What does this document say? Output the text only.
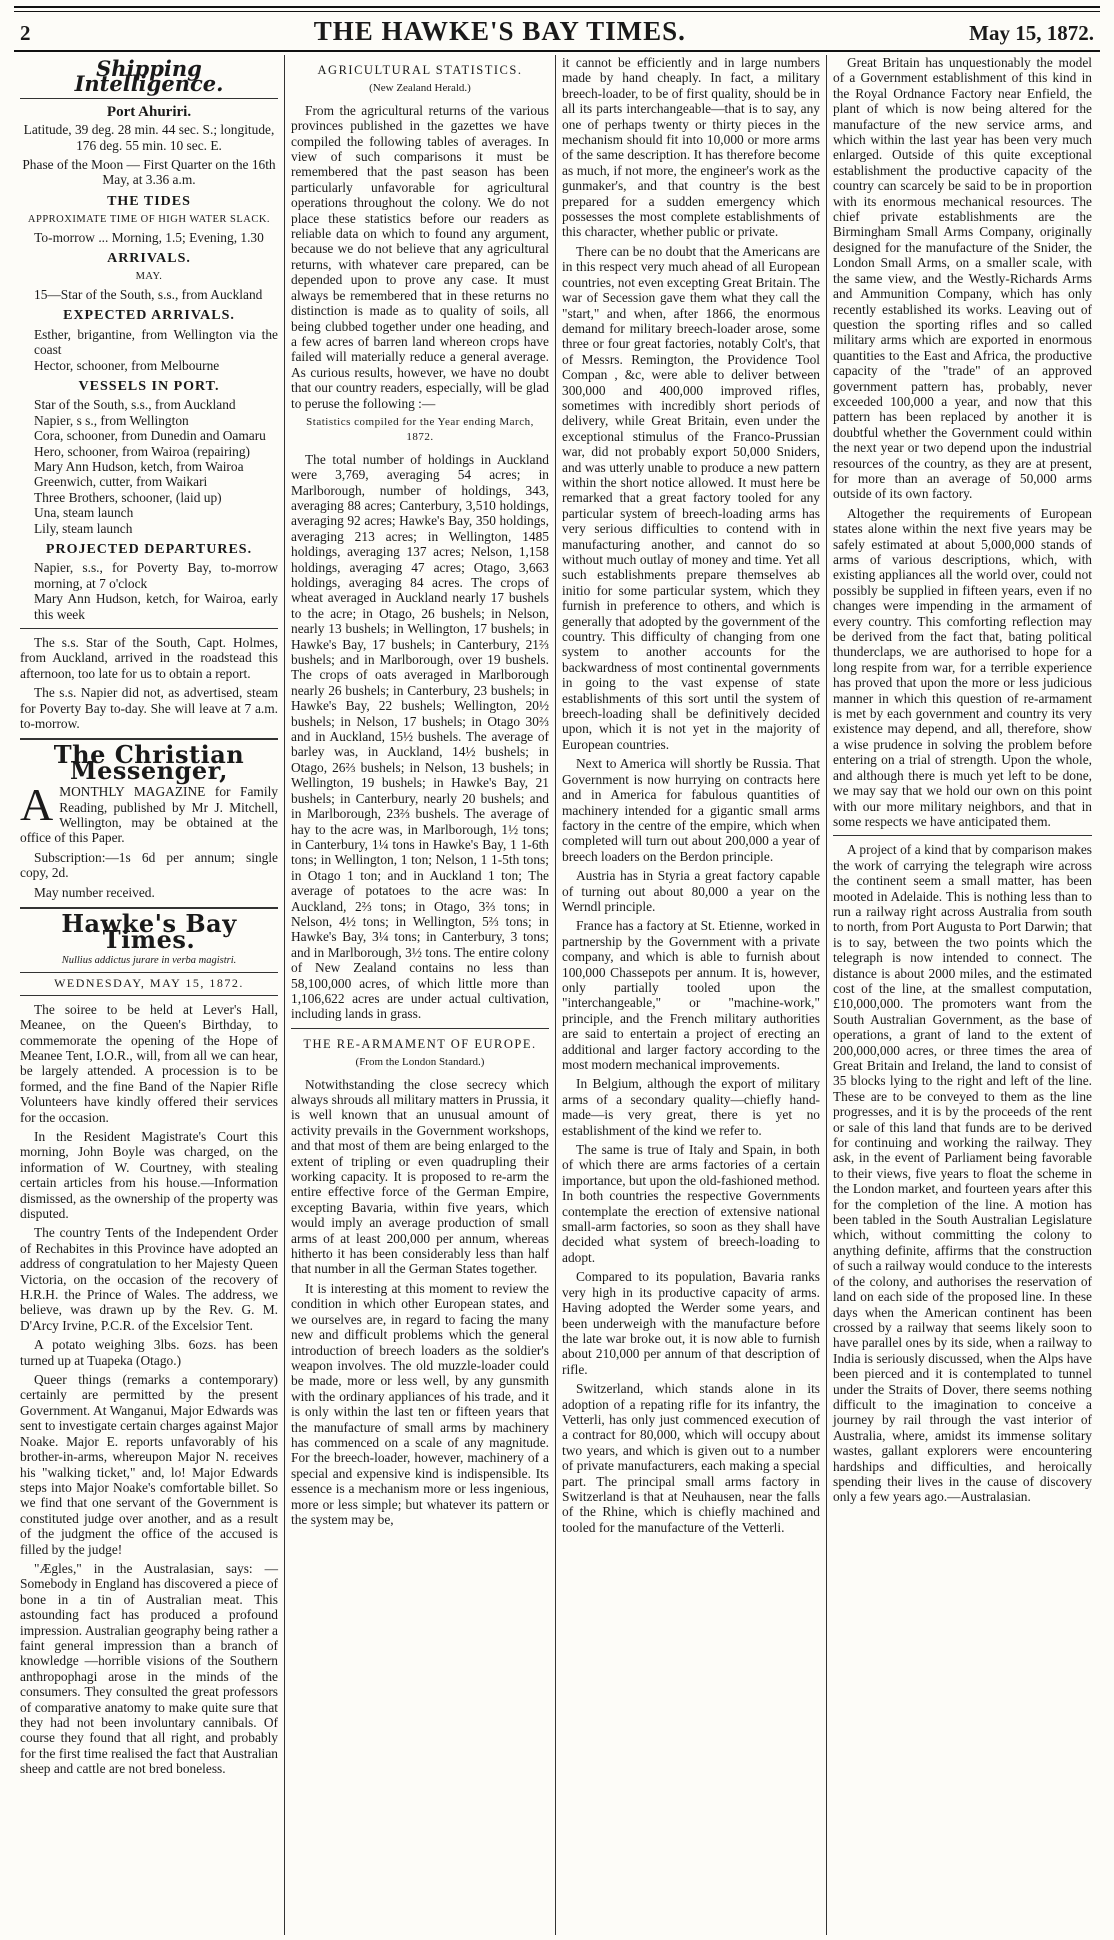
2	THE HAWKE'S BAY TIMES.	May 15, 1872.
Shipping Intelligence.
Port Ahuriri.

Latitude, 39 deg. 28 min. 44 sec. S.; longitude, 176 deg. 55 min. 10 sec. E.

Phase of the Moon — First Quarter on the 16th May, at 3.36 a.m.

THE TIDES
APPROXIMATE TIME OF HIGH WATER SLACK.
To-morrow ... Morning, 1.5; Evening, 1.30
ARRIVALS.
MAY.

15—Star of the South, s.s., from Auckland

EXPECTED ARRIVALS.

Esther, brigantine, from Wellington via the coast

Hector, schooner, from Melbourne

VESSELS IN PORT.

Star of the South, s.s., from Auckland

Napier, s s., from Wellington

Cora, schooner, from Dunedin and Oamaru

Hero, schooner, from Wairoa (repairing)

Mary Ann Hudson, ketch, from Wairoa

Greenwich, cutter, from Waikari

Three Brothers, schooner, (laid up)

Una, steam launch

Lily, steam launch

PROJECTED DEPARTURES.

Napier, s.s., for Poverty Bay, to-morrow morning, at 7 o'clock

Mary Ann Hudson, ketch, for Wairoa, early this week

The s.s. Star of the South, Capt. Holmes, from Auckland, arrived in the roadstead this afternoon, too late for us to obtain a report.

The s.s. Napier did not, as advertised, steam for Poverty Bay to-day. She will leave at 7 a.m. to-morrow.

The Christian Messenger,

AMONTHLY MAGAZINE for Family Reading, published by Mr J. Mitchell, Wellington, may be obtained at the office of this Paper.

Subscription:—1s 6d per annum; single copy, 2d.

May number received.

Hawke's Bay Times.
Nullius addictus jurare in verba magistri.
WEDNESDAY, MAY 15, 1872.

The soiree to be held at Lever's Hall, Meanee, on the Queen's Birthday, to commemorate the opening of the Hope of Meanee Tent, I.O.R., will, from all we can hear, be largely attended. A procession is to be formed, and the fine Band of the Napier Rifle Volunteers have kindly offered their services for the occasion.

In the Resident Magistrate's Court this morning, John Boyle was charged, on the information of W. Courtney, with stealing certain articles from his house.—Information dismissed, as the ownership of the property was disputed.

The country Tents of the Independent Order of Rechabites in this Province have adopted an address of congratulation to her Majesty Queen Victoria, on the occasion of the recovery of H.R.H. the Prince of Wales. The address, we believe, was drawn up by the Rev. G. M. D'Arcy Irvine, P.C.R. of the Excelsior Tent.

A potato weighing 3lbs. 6ozs. has been turned up at Tuapeka (Otago.)

Queer things (remarks a contemporary) certainly are permitted by the present Government. At Wanganui, Major Edwards was sent to investigate certain charges against Major Noake. Major E. reports unfavorably of his brother-in-arms, whereupon Major N. receives his "walking ticket," and, lo! Major Edwards steps into Major Noake's comfortable billet. So we find that one servant of the Government is constituted judge over another, and as a result of the judgment the office of the accused is filled by the judge!

"Ægles," in the Australasian, says: —Somebody in England has discovered a piece of bone in a tin of Australian meat. This astounding fact has produced a profound impression. Australian geography being rather a faint general impression than a branch of knowledge —horrible visions of the Southern anthropophagi arose in the minds of the consumers. They consulted the great professors of comparative anatomy to make quite sure that they had not been involuntary cannibals. Of course they found that all right, and probably for the first time realised the fact that Australian sheep and cattle are not bred boneless.

AGRICULTURAL STATISTICS.
(New Zealand Herald.)

From the agricultural returns of the various provinces published in the gazettes we have compiled the following tables of averages. In view of such comparisons it must be remembered that the past season has been particularly unfavorable for agricultural operations throughout the colony. We do not place these statistics before our readers as reliable data on which to found any argument, because we do not believe that any agricultural returns, with whatever care prepared, can be depended upon to prove any case. It must always be remembered that in these returns no distinction is made as to quality of soils, all being clubbed together under one heading, and a few acres of barren land whereon crops have failed will materially reduce a general average. As curious results, however, we have no doubt that our country readers, especially, will be glad to peruse the following :—

Statistics compiled for the Year ending March, 1872.

The total number of holdings in Auckland were 3,769, averaging 54 acres; in Marlborough, number of holdings, 343, averaging 88 acres; Canterbury, 3,510 holdings, averaging 92 acres; Hawke's Bay, 350 holdings, averaging 213 acres; in Wellington, 1485 holdings, averaging 137 acres; Nelson, 1,158 holdings, averaging 47 acres; Otago, 3,663 holdings, averaging 84 acres. The crops of wheat averaged in Auckland nearly 17 bushels to the acre; in Otago, 26 bushels; in Nelson, nearly 13 bushels; in Wellington, 17 bushels; in Hawke's Bay, 17 bushels; in Canterbury, 21⅔ bushels; and in Marlborough, over 19 bushels. The crops of oats averaged in Marlborough nearly 26 bushels; in Canterbury, 23 bushels; in Hawke's Bay, 22 bushels; Wellington, 20½ bushels; in Nelson, 17 bushels; in Otago 30⅔ and in Auckland, 15½ bushels. The average of barley was, in Auckland, 14½ bushels; in Otago, 26⅔ bushels; in Nelson, 13 bushels; in Wellington, 19 bushels; in Hawke's Bay, 21 bushels; in Canterbury, nearly 20 bushels; and in Marlborough, 23⅔ bushels. The average of hay to the acre was, in Marlborough, 1½ tons; in Canterbury, 1¼ tons in Hawke's Bay, 1 1-6th tons; in Wellington, 1 ton; Nelson, 1 1-5th tons; in Otago 1 ton; and in Auckland 1 ton; The average of potatoes to the acre was: In Auckland, 2⅔ tons; in Otago, 3⅔ tons; in Nelson, 4½ tons; in Wellington, 5⅔ tons; in Hawke's Bay, 3¼ tons; in Canterbury, 3 tons; and in Marlborough, 3½ tons. The entire colony of New Zealand contains no less than 58,100,000 acres, of which little more than 1,106,622 acres are under actual cultivation, including lands in grass.

THE RE-ARMAMENT OF EUROPE.
(From the London Standard.)

Notwithstanding the close secrecy which always shrouds all military matters in Prussia, it is well known that an unusual amount of activity prevails in the Government workshops, and that most of them are being enlarged to the extent of tripling or even quadrupling their working capacity. It is proposed to re-arm the entire effective force of the German Empire, excepting Bavaria, within five years, which would imply an average production of small arms of at least 200,000 per annum, whereas hitherto it has been considerably less than half that number in all the German States together.

It is interesting at this moment to review the condition in which other European states, and we ourselves are, in regard to facing the many new and difficult problems which the general introduction of breech loaders as the soldier's weapon involves. The old muzzle-loader could be made, more or less well, by any gunsmith with the ordinary appliances of his trade, and it is only within the last ten or fifteen years that the manufacture of small arms by machinery has commenced on a scale of any magnitude. For the breech-loader, however, machinery of a special and expensive kind is indispensible. Its essence is a mechanism more or less ingenious, more or less simple; but whatever its pattern or the system may be,

it cannot be efficiently and in large numbers made by hand cheaply. In fact, a military breech-loader, to be of first quality, should be in all its parts interchangeable—that is to say, any one of perhaps twenty or thirty pieces in the mechanism should fit into 10,000 or more arms of the same description. It has therefore become as much, if not more, the engineer's work as the gunmaker's, and that country is the best prepared for a sudden emergency which possesses the most complete establishments of this character, whether public or private.

There can be no doubt that the Americans are in this respect very much ahead of all European countries, not even excepting Great Britain. The war of Secession gave them what they call the "start," and when, after 1866, the enormous demand for military breech-loader arose, some three or four great factories, notably Colt's, that of Messrs. Remington, the Providence Tool Compan , &c, were able to deliver between 300,000 and 400,000 improved rifles, sometimes with incredibly short periods of delivery, while Great Britain, even under the exceptional stimulus of the Franco-Prussian war, did not probably export 50,000 Sniders, and was utterly unable to produce a new pattern within the short notice allowed. It must here be remarked that a great factory tooled for any particular system of breech-loading arms has very serious difficulties to contend with in manufacturing another, and cannot do so without much outlay of money and time. Yet all such establishments prepare themselves ab initio for some particular system, which they furnish in preference to others, and which is generally that adopted by the government of the country. This difficulty of changing from one system to another accounts for the backwardness of most continental governments in going to the vast expense of state establishments of this sort until the system of breech-loading shall be definitively decided upon, which it is not yet in the majority of European countries.

Next to America will shortly be Russia. That Government is now hurrying on contracts here and in America for fabulous quantities of machinery intended for a gigantic small arms factory in the centre of the empire, which when completed will turn out about 200,000 a year of breech loaders on the Berdon principle.

Austria has in Styria a great factory capable of turning out about 80,000 a year on the Werndl principle.

France has a factory at St. Etienne, worked in partnership by the Government with a private company, and which is able to furnish about 100,000 Chassepots per annum. It is, however, only partially tooled upon the "interchangeable," or "machine-work," principle, and the French military authorities are said to entertain a project of erecting an additional and larger factory according to the most modern mechanical improvements.

In Belgium, although the export of military arms of a secondary quality—chiefly hand-made—is very great, there is yet no establishment of the kind we refer to.

The same is true of Italy and Spain, in both of which there are arms factories of a certain importance, but upon the old-fashioned method. In both countries the respective Governments contemplate the erection of extensive national small-arm factories, so soon as they shall have decided what system of breech-loading to adopt.

Compared to its population, Bavaria ranks very high in its productive capacity of arms. Having adopted the Werder some years, and been underweigh with the manufacture before the late war broke out, it is now able to furnish about 210,000 per annum of that description of rifle.

Switzerland, which stands alone in its adoption of a repating rifle for its infantry, the Vetterli, has only just commenced execution of a contract for 80,000, which will occupy about two years, and which is given out to a number of private manufacturers, each making a special part. The principal small arms factory in Switzerland is that at Neuhausen, near the falls of the Rhine, which is chiefly machined and tooled for the manufacture of the Vetterli.

Great Britain has unquestionably the model of a Government establishment of this kind in the Royal Ordnance Factory near Enfield, the plant of which is now being altered for the manufacture of the new service arms, and which within the last year has been very much enlarged. Outside of this quite exceptional establishment the productive capacity of the country can scarcely be said to be in proportion with its enormous mechanical resources. The chief private establishments are the Birmingham Small Arms Company, originally designed for the manufacture of the Snider, the London Small Arms, on a smaller scale, with the same view, and the Westly-Richards Arms and Ammunition Company, which has only recently established its works. Leaving out of question the sporting rifles and so called military arms which are exported in enormous quantities to the East and Africa, the productive capacity of the "trade" of an approved government pattern has, probably, never exceeded 100,000 a year, and now that this pattern has been replaced by another it is doubtful whether the Government could within the next year or two depend upon the industrial resources of the country, as they are at present, for more than an average of 50,000 arms outside of its own factory.

Altogether the requirements of European states alone within the next five years may be safely estimated at about 5,000,000 stands of arms of various descriptions, which, with existing appliances all the world over, could not possibly be supplied in fifteen years, even if no changes were impending in the armament of every country. This comforting reflection may be derived from the fact that, bating political thunderclaps, we are authorised to hope for a long respite from war, for a terrible experience has proved that upon the more or less judicious manner in which this question of re-armament is met by each government and country its very existence may depend, and all, therefore, show a wise prudence in solving the problem before entering on a trial of strength. Upon the whole, and although there is much yet left to be done, we may say that we hold our own on this point with our more military neighbors, and that in some respects we have anticipated them.

A project of a kind that by comparison makes the work of carrying the telegraph wire across the continent seem a small matter, has been mooted in Adelaide. This is nothing less than to run a railway right across Australia from south to north, from Port Augusta to Port Darwin; that is to say, between the two points which the telegraph is now intended to connect. The distance is about 2000 miles, and the estimated cost of the line, at the smallest computation, £10,000,000. The promoters want from the South Australian Government, as the base of operations, a grant of land to the extent of 200,000,000 acres, or three times the area of Great Britain and Ireland, the land to consist of 35 blocks lying to the right and left of the line. These are to be conveyed to them as the line progresses, and it is by the proceeds of the rent or sale of this land that funds are to be derived for continuing and working the railway. They ask, in the event of Parliament being favorable to their views, five years to float the scheme in the London market, and fourteen years after this for the completion of the line. A motion has been tabled in the South Australian Legislature which, without committing the colony to anything definite, affirms that the construction of such a railway would conduce to the interests of the colony, and authorises the reservation of land on each side of the proposed line. In these days when the American continent has been crossed by a railway that seems likely soon to have parallel ones by its side, when a railway to India is seriously discussed, when the Alps have been pierced and it is contemplated to tunnel under the Straits of Dover, there seems nothing difficult to the imagination to conceive a journey by rail through the vast interior of Australia, where, amidst its immense solitary wastes, gallant explorers were encountering hardships and difficulties, and heroically spending their lives in the cause of discovery only a few years ago.—Australasian.
